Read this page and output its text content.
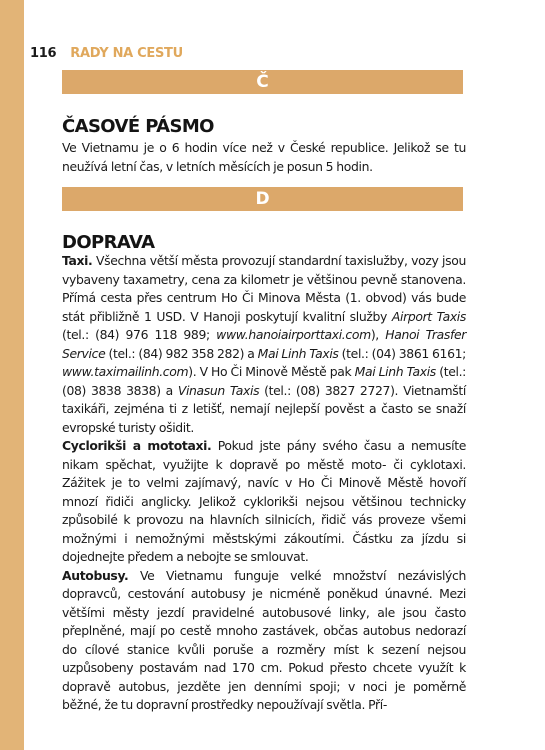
116 RADY NA CESTU
Č
ČASOVÉ PÁSMO

Ve Vietnamu je o 6 hodin více než v České republice. Jelikož se tu neužívá letní čas, v letních měsících je posun 5 hodin.

D
DOPRAVA

Taxi. Všechna větší města provozují standardní taxislužby, vozy jsou vybaveny taxametry, cena za kilometr je většinou pevně stanovena. Přímá cesta přes centrum Ho Či Minova Města (1. obvod) vás bude stát přibližně 1 USD. V Hanoji poskytují kvalitní služby Airport Taxis (tel.: (84) 976 118 989; www.hanoiairporttaxi.com), Hanoi Trasfer Service (tel.: (84) 982 358 282) a Mai Linh Taxis (tel.: (04) 3861 6161; www.taximailinh.com). V Ho Či Minově Městě pak Mai Linh Taxis (tel.: (08) 3838 3838) a Vinasun Taxis (tel.: (08) 3827 2727). Vietnamští taxikáři, zejména ti z letišť, nemají nejlepší pověst a často se snaží evropské turisty ošidit.

Cyclorikši a mototaxi. Pokud jste pány svého času a nemusíte nikam spěchat, využijte k dopravě po městě moto- či cyklotaxi. Zážitek je to velmi zajímavý, navíc v Ho Či Minově Městě hovoří mnozí řidiči anglicky. Jelikož cyklorikši nejsou většinou technicky způsobilé k provozu na hlavních silnicích, řidič vás proveze všemi možnými i nemožnými městskými zákoutími. Částku za jízdu si dojednejte předem a nebojte se smlouvat.

Autobusy. Ve Vietnamu funguje velké množství nezávislých dopravců, cestování autobusy je nicméně poněkud únavné. Mezi většími městy jezdí pravidelné autobusové linky, ale jsou často přeplněné, mají po cestě mnoho zastávek, občas autobus nedorazí do cílové stanice kvůli poruše a rozměry míst k sezení nejsou uzpůsobeny postavám nad 170 cm. Pokud přesto chcete využít k dopravě autobus, jezděte jen denními spoji; v noci je poměrně běžné, že tu dopravní prostředky nepoužívají světla. Pří-
